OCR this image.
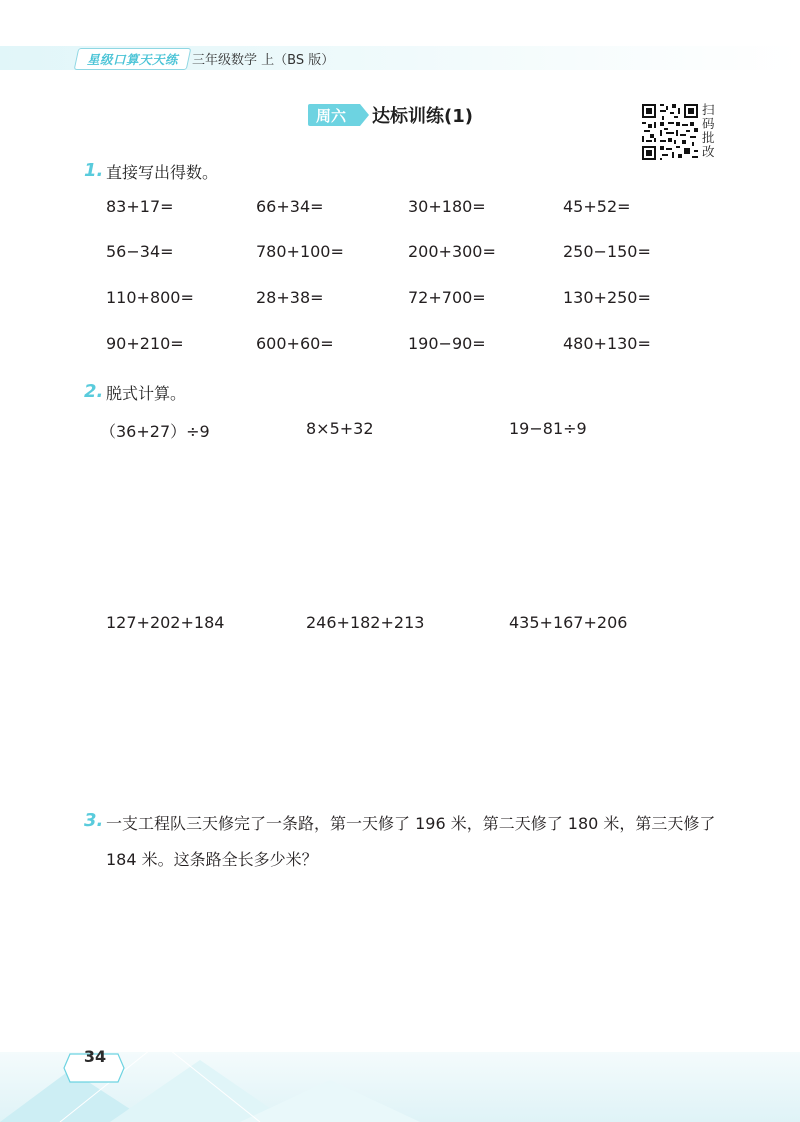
星级口算天天练 三年级数学 上（BS 版）
周六	达标训练(1)	扫码批改
1. 直接写出得数。
83+17=	66+34=	30+180=	45+52=
56−34=	780+100=	200+300=	250−150=
110+800=	28+38=	72+700=	130+250=
90+210=	600+60=	190−90=	480+130=
2. 脱式计算。
（36+27）÷9	8×5+32	19−81÷9
127+202+184	246+182+213	435+167+206
3. 一支工程队三天修完了一条路，第一天修了 196 米，第二天修了 180 米，第三天修了 184 米。这条路全长多少米？
34
